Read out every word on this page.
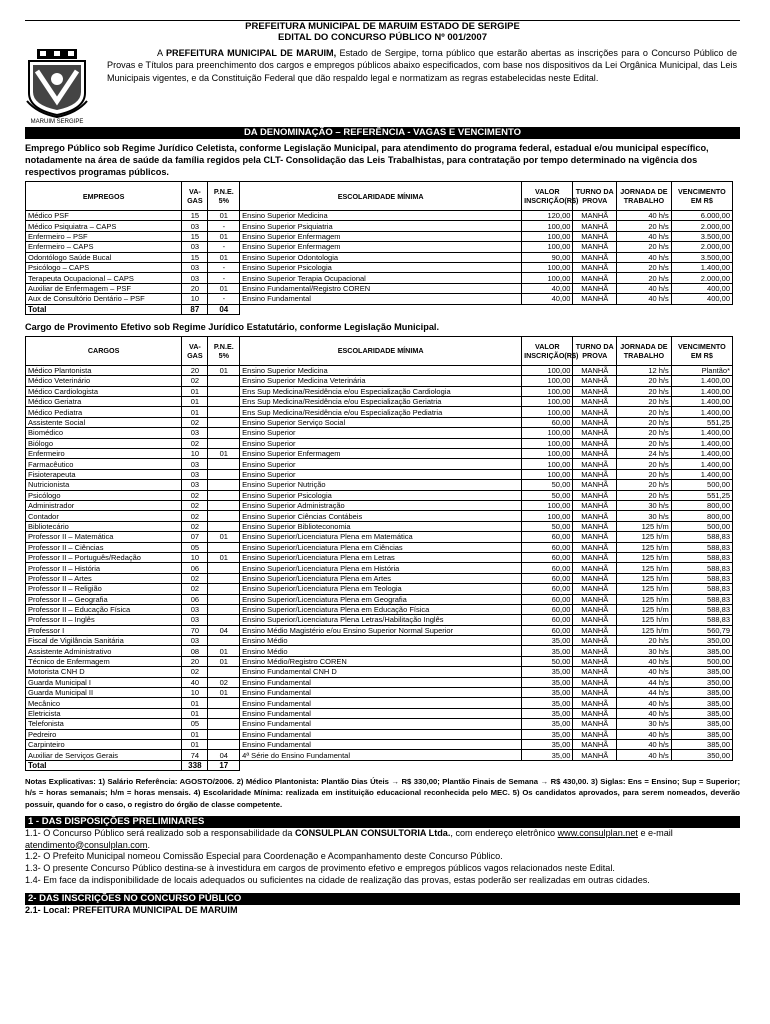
PREFEITURA MUNICIPAL DE MARUIM ESTADO DE SERGIPE
EDITAL DO CONCURSO PÚBLICO Nº 001/2007
MARUIM SERGIPE
A PREFEITURA MUNICIPAL DE MARUIM, Estado de Sergipe, torna público que estarão abertas as inscrições para o Concurso Público de Provas e Títulos para preenchimento dos cargos e empregos públicos abaixo especificados, com base nos dispositivos da Lei Orgânica Municipal, das Leis Municipais vigentes, e da Constituição Federal que dão respaldo legal e normatizam as regras estabelecidas neste Edital.
DA DENOMINAÇÃO – REFERÊNCIA - VAGAS E VENCIMENTO
Emprego Público sob Regime Jurídico Celetista, conforme Legislação Municipal, para atendimento do programa federal, estadual e/ou municipal específico, notadamente na área de saúde da família regidos pela CLT- Consolidação das Leis Trabalhistas, para contratação por tempo determinado na vigência dos respectivos programas públicos.
EMPREGOS	VA-GAS	P.N.E. 5%	ESCOLARIDADE MÍNIMA	VALOR INSCRIÇÃO(R$)	TURNO DA PROVA	JORNADA DE TRABALHO	VENCIMENTO EM R$
Médico PSF	15	01	Ensino Superior Medicina	120,00	MANHÃ	40 h/s	6.000,00
Médico Psiquiatra – CAPS	03	-	Ensino Superior Psiquiatria	100,00	MANHÃ	20 h/s	2.000,00
Enfermeiro – PSF	15	01	Ensino Superior Enfermagem	100,00	MANHÃ	40 h/s	3.500,00
Enfermeiro – CAPS	03	-	Ensino Superior Enfermagem	100,00	MANHÃ	20 h/s	2.000,00
Odontólogo Saúde Bucal	15	01	Ensino Superior Odontologia	90,00	MANHÃ	40 h/s	3.500,00
Psicólogo – CAPS	03	-	Ensino Superior Psicologia	100,00	MANHÃ	20 h/s	1.400,00
Terapeuta Ocupacional – CAPS	03	-	Ensino Superior Terapia Ocupacional	100,00	MANHÃ	20 h/s	2.000,00
Auxiliar de Enfermagem – PSF	20	01	Ensino Fundamental/Registro COREN	40,00	MANHÃ	40 h/s	400,00
Aux de Consultório Dentário – PSF	10	-	Ensino Fundamental	40,00	MANHÃ	40 h/s	400,00
Total	87	04					
Cargo de Provimento Efetivo sob Regime Jurídico Estatutário, conforme Legislação Municipal.
CARGOS	VA-GAS	P.N.E. 5%	ESCOLARIDADE MÍNIMA	VALOR INSCRIÇÃO(R$)	TURNO DA PROVA	JORNADA DE TRABALHO	VENCIMENTO EM R$
Médico Plantonista	20	01	Ensino Superior Medicina	100,00	MANHÃ	12 h/s	Plantão*
Médico Veterinário	02		Ensino Superior Medicina Veterinária	100,00	MANHÃ	20 h/s	1.400,00
Médico Cardiologista	01		Ens Sup Medicina/Residência e/ou Especialização Cardiologia	100,00	MANHÃ	20 h/s	1.400,00
Médico Geriatra	01		Ens Sup Medicina/Residência e/ou Especialização Geriatria	100,00	MANHÃ	20 h/s	1.400,00
Médico Pediatra	01		Ens Sup Medicina/Residência e/ou Especialização Pediatria	100,00	MANHÃ	20 h/s	1.400,00
Assistente Social	02		Ensino Superior Serviço Social	60,00	MANHÃ	20 h/s	551,25
Biomédico	03		Ensino Superior	100,00	MANHÃ	20 h/s	1.400,00
Biólogo	02		Ensino Superior	100,00	MANHÃ	20 h/s	1.400,00
Enfermeiro	10	01	Ensino Superior Enfermagem	100,00	MANHÃ	24 h/s	1.400,00
Farmacêutico	03		Ensino Superior	100,00	MANHÃ	20 h/s	1.400,00
Fisioterapeuta	03		Ensino Superior	100,00	MANHÃ	20 h/s	1.400,00
Nutricionista	03		Ensino Superior Nutrição	50,00	MANHÃ	20 h/s	500,00
Psicólogo	02		Ensino Superior Psicologia	50,00	MANHÃ	20 h/s	551,25
Administrador	02		Ensino Superior Administração	100,00	MANHÃ	30 h/s	800,00
Contador	02		Ensino Superior Ciências Contábeis	100,00	MANHÃ	30 h/s	800,00
Bibliotecário	02		Ensino Superior Biblioteconomia	50,00	MANHÃ	125 h/m	500,00
Professor II – Matemática	07	01	Ensino Superior/Licenciatura Plena em Matemática	60,00	MANHÃ	125 h/m	588,83
Professor II – Ciências	05		Ensino Superior/Licenciatura Plena em Ciências	60,00	MANHÃ	125 h/m	588,83
Professor II – Português/Redação	10	01	Ensino Superior/Licenciatura Plena em Letras	60,00	MANHÃ	125 h/m	588,83
Professor II – História	06		Ensino Superior/Licenciatura Plena em História	60,00	MANHÃ	125 h/m	588,83
Professor II – Artes	02		Ensino Superior/Licenciatura Plena em Artes	60,00	MANHÃ	125 h/m	588,83
Professor II – Religião	02		Ensino Superior/Licenciatura Plena em Teologia	60,00	MANHÃ	125 h/m	588,83
Professor II – Geografia	06		Ensino Superior/Licenciatura Plena em Geografia	60,00	MANHÃ	125 h/m	588,83
Professor II – Educação Física	03		Ensino Superior/Licenciatura Plena em Educação Física	60,00	MANHÃ	125 h/m	588,83
Professor II – Inglês	03		Ensino Superior/Licenciatura Plena Letras/Habilitação Inglês	60,00	MANHÃ	125 h/m	588,83
Professor I	70	04	Ensino Médio Magistério e/ou Ensino Superior Normal Superior	60,00	MANHÃ	125 h/m	560,79
Fiscal de Vigilância Sanitária	03		Ensino Médio	35,00	MANHÃ	20 h/s	350,00
Assistente Administrativo	08	01	Ensino Médio	35,00	MANHÃ	30 h/s	385,00
Técnico de Enfermagem	20	01	Ensino Médio/Registro COREN	50,00	MANHÃ	40 h/s	500,00
Motorista CNH D	02		Ensino Fundamental CNH D	35,00	MANHÃ	40 h/s	385,00
Guarda Municipal I	40	02	Ensino Fundamental	35,00	MANHÃ	44 h/s	350,00
Guarda Municipal II	10	01	Ensino Fundamental	35,00	MANHÃ	44 h/s	385,00
Mecânico	01		Ensino Fundamental	35,00	MANHÃ	40 h/s	385,00
Eletricista	01		Ensino Fundamental	35,00	MANHÃ	40 h/s	385,00
Telefonista	05		Ensino Fundamental	35,00	MANHÃ	30 h/s	385,00
Pedreiro	01		Ensino Fundamental	35,00	MANHÃ	40 h/s	385,00
Carpinteiro	01		Ensino Fundamental	35,00	MANHÃ	40 h/s	385,00
Auxiliar de Serviços Gerais	74	04	4ª Série do Ensino Fundamental	35,00	MANHÃ	40 h/s	350,00
Total	338	17					
Notas Explicativas: 1) Salário Referência: AGOSTO/2006. 2) Médico Plantonista: Plantão Dias Úteis → R$ 330,00; Plantão Finais de Semana → R$ 430,00. 3) Siglas: Ens = Ensino; Sup = Superior; h/s = horas semanais; h/m = horas mensais. 4) Escolaridade Mínima: realizada em instituição educacional reconhecida pelo MEC. 5) Os candidatos aprovados, para serem nomeados, deverão possuir, quando for o caso, o registro do órgão de classe competente.
1 - DAS DISPOSIÇÕES PRELIMINARES

1.1- O Concurso Público será realizado sob a responsabilidade da CONSULPLAN CONSULTORIA Ltda., com endereço eletrônico www.consulplan.net e e-mail atendimento@consulplan.com.

1.2- O Prefeito Municipal nomeou Comissão Especial para Coordenação e Acompanhamento deste Concurso Público.

1.3- O presente Concurso Público destina-se à investidura em cargos de provimento efetivo e empregos públicos vagos relacionados neste Edital.

1.4- Em face da indisponibilidade de locais adequados ou suficientes na cidade de realização das provas, estas poderão ser realizadas em outras cidades.

2- DAS INSCRIÇÕES NO CONCURSO PÚBLICO

2.1- Local: PREFEITURA MUNICIPAL DE MARUIM
